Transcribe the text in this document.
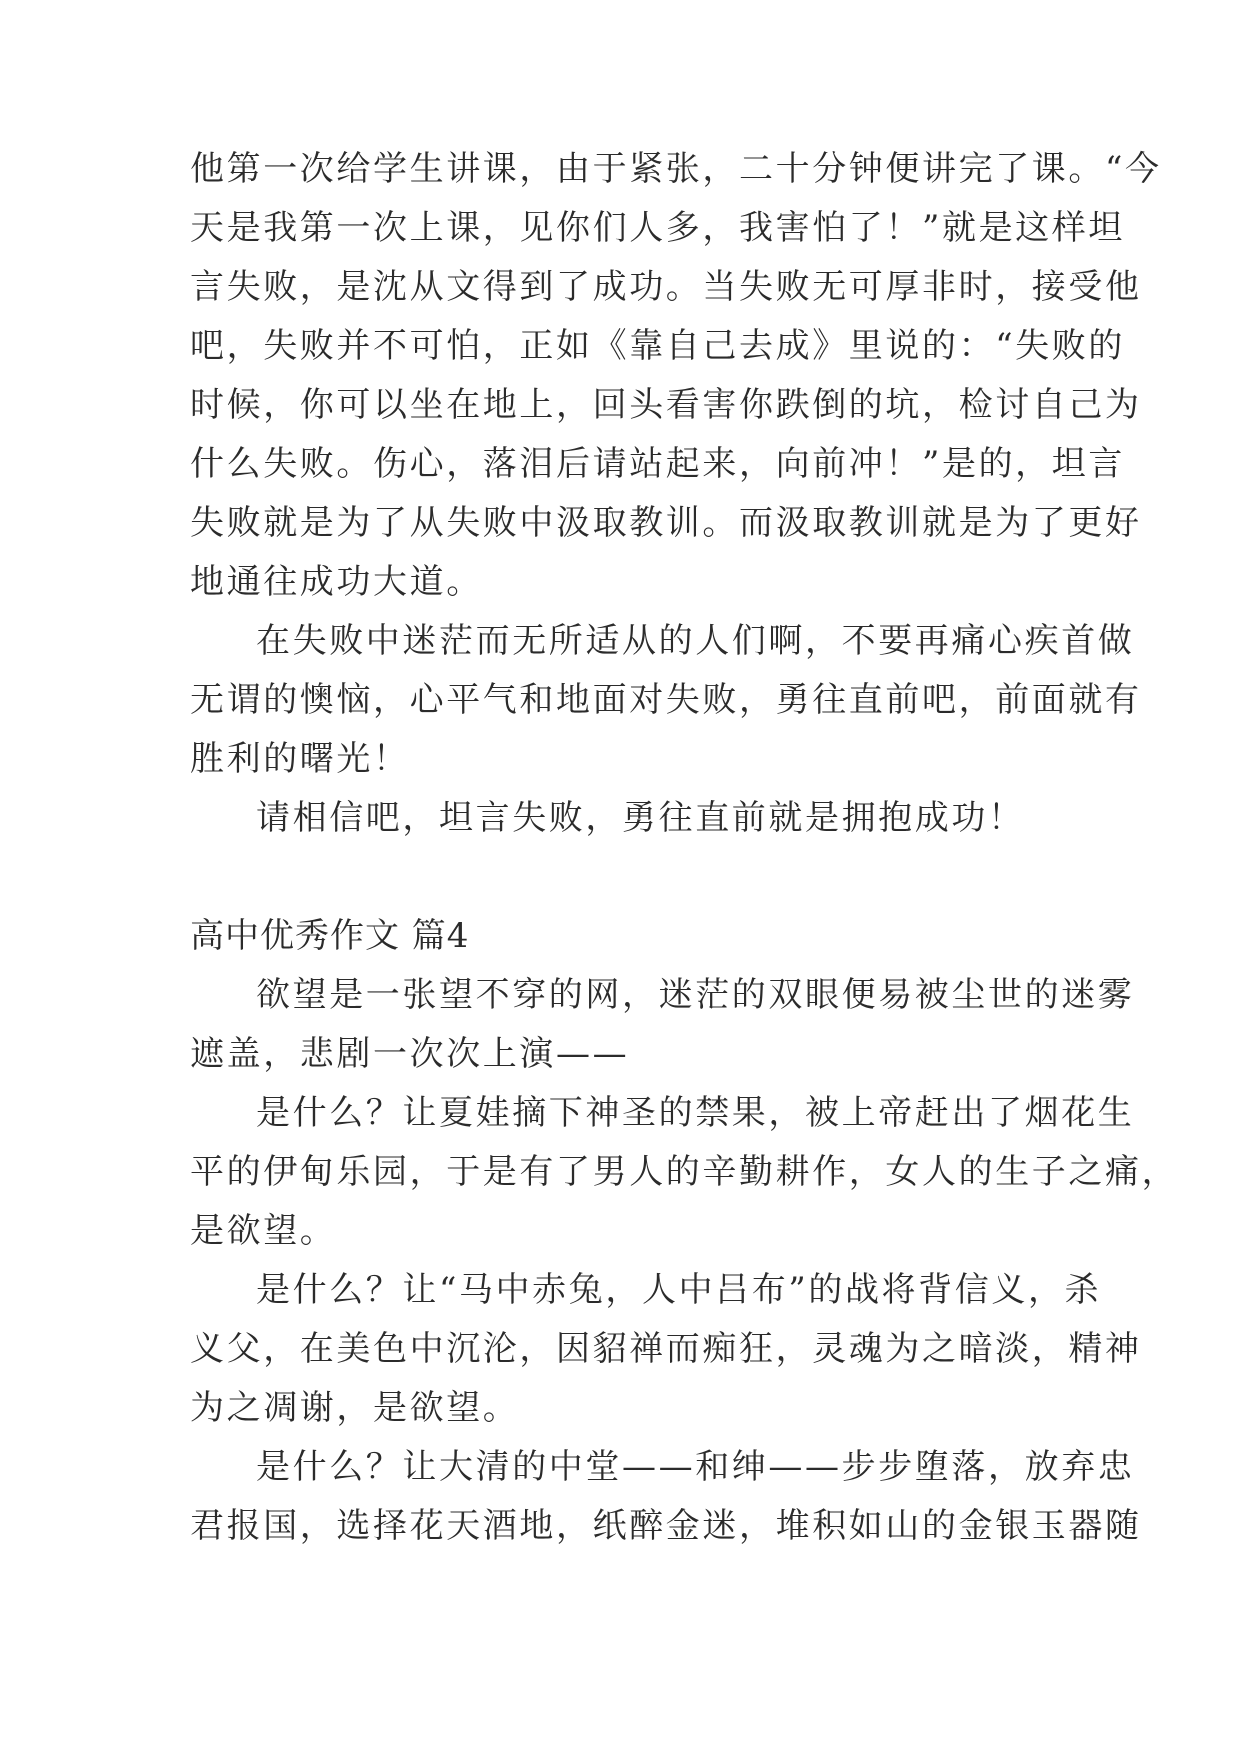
他第一次给学生讲课，由于紧张，二十分钟便讲完了课。“今
天是我第一次上课，见你们人多，我害怕了！”就是这样坦
言失败，是沈从文得到了成功。当失败无可厚非时，接受他
吧，失败并不可怕，正如《靠自己去成》里说的：“失败的
时候，你可以坐在地上，回头看害你跌倒的坑，检讨自己为
什么失败。伤心，落泪后请站起来，向前冲！”是的，坦言
失败就是为了从失败中汲取教训。而汲取教训就是为了更好
地通往成功大道。
在失败中迷茫而无所适从的人们啊，不要再痛心疾首做
无谓的懊恼，心平气和地面对失败，勇往直前吧，前面就有
胜利的曙光！
请相信吧，坦言失败，勇往直前就是拥抱成功！
高中优秀作文 篇4
欲望是一张望不穿的网，迷茫的双眼便易被尘世的迷雾
遮盖，悲剧一次次上演——
是什么？让夏娃摘下神圣的禁果，被上帝赶出了烟花生
平的伊甸乐园，于是有了男人的辛勤耕作，女人的生子之痛，
是欲望。
是什么？让“马中赤兔，人中吕布”的战将背信义，杀
义父，在美色中沉沦，因貂禅而痴狂，灵魂为之暗淡，精神
为之凋谢，是欲望。
是什么？让大清的中堂——和绅——步步堕落，放弃忠
君报国，选择花天酒地，纸醉金迷，堆积如山的金银玉器随
